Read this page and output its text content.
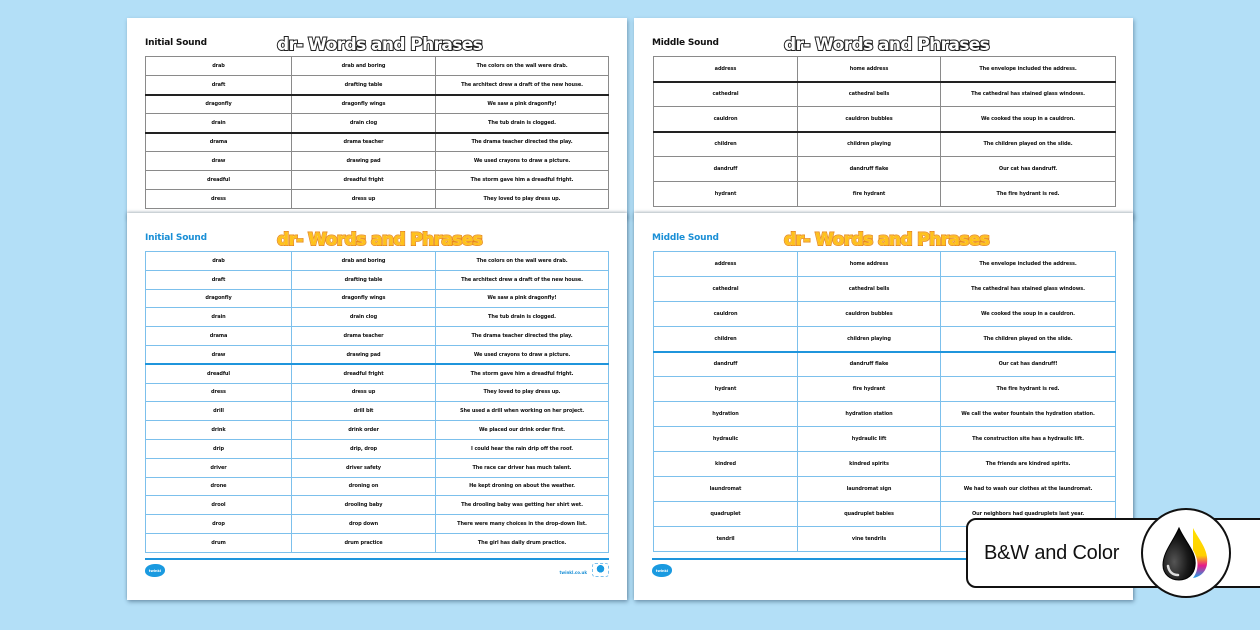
Initial Sound	dr- Words and Phrases
drab	drab and boring	The colors on the wall were drab.
draft	drafting table	The architect drew a draft of the new house.
dragonfly	dragonfly wings	We saw a pink dragonfly!
drain	drain clog	The tub drain is clogged.
drama	drama teacher	The drama teacher directed the play.
draw	drawing pad	We used crayons to draw a picture.
dreadful	dreadful fright	The storm gave him a dreadful fright.
dress	dress up	They loved to play dress up.
Middle Sound	dr- Words and Phrases
address	home address	The envelope included the address.
cathedral	cathedral bells	The cathedral has stained glass windows.
cauldron	cauldron bubbles	We cooked the soup in a cauldron.
children	children playing	The children played on the slide.
dandruff	dandruff flake	Our cat has dandruff.
hydrant	fire hydrant	The fire hydrant is red.
Initial Sound	dr- Words and Phrases
drab	drab and boring	The colors on the wall were drab.
draft	drafting table	The architect drew a draft of the new house.
dragonfly	dragonfly wings	We saw a pink dragonfly!
drain	drain clog	The tub drain is clogged.
drama	drama teacher	The drama teacher directed the play.
draw	drawing pad	We used crayons to draw a picture.
dreadful	dreadful fright	The storm gave him a dreadful fright.
dress	dress up	They loved to play dress up.
drill	drill bit	She used a drill when working on her project.
drink	drink order	We placed our drink order first.
drip	drip, drop	I could hear the rain drip off the roof.
driver	driver safety	The race car driver has much talent.
drone	droning on	He kept droning on about the weather.
drool	drooling baby	The drooling baby was getting her shirt wet.
drop	drop down	There were many choices in the drop-down list.
drum	drum practice	The girl has daily drum practice.
twinkl	twinkl.co.uk
Middle Sound	dr- Words and Phrases
address	home address	The envelope included the address.
cathedral	cathedral bells	The cathedral has stained glass windows.
cauldron	cauldron bubbles	We cooked the soup in a cauldron.
children	children playing	The children played on the slide.
dandruff	dandruff flake	Our cat has dandruff!
hydrant	fire hydrant	The fire hydrant is red.
hydration	hydration station	We call the water fountain the hydration station.
hydraulic	hydraulic lift	The construction site has a hydraulic lift.
kindred	kindred spirits	The friends are kindred spirits.
laundromat	laundromat sign	We had to wash our clothes at the laundromat.
quadruplet	quadruplet babies	Our neighbors had quadruplets last year.
tendril	vine tendrils	
twinkl
B&W and Color
